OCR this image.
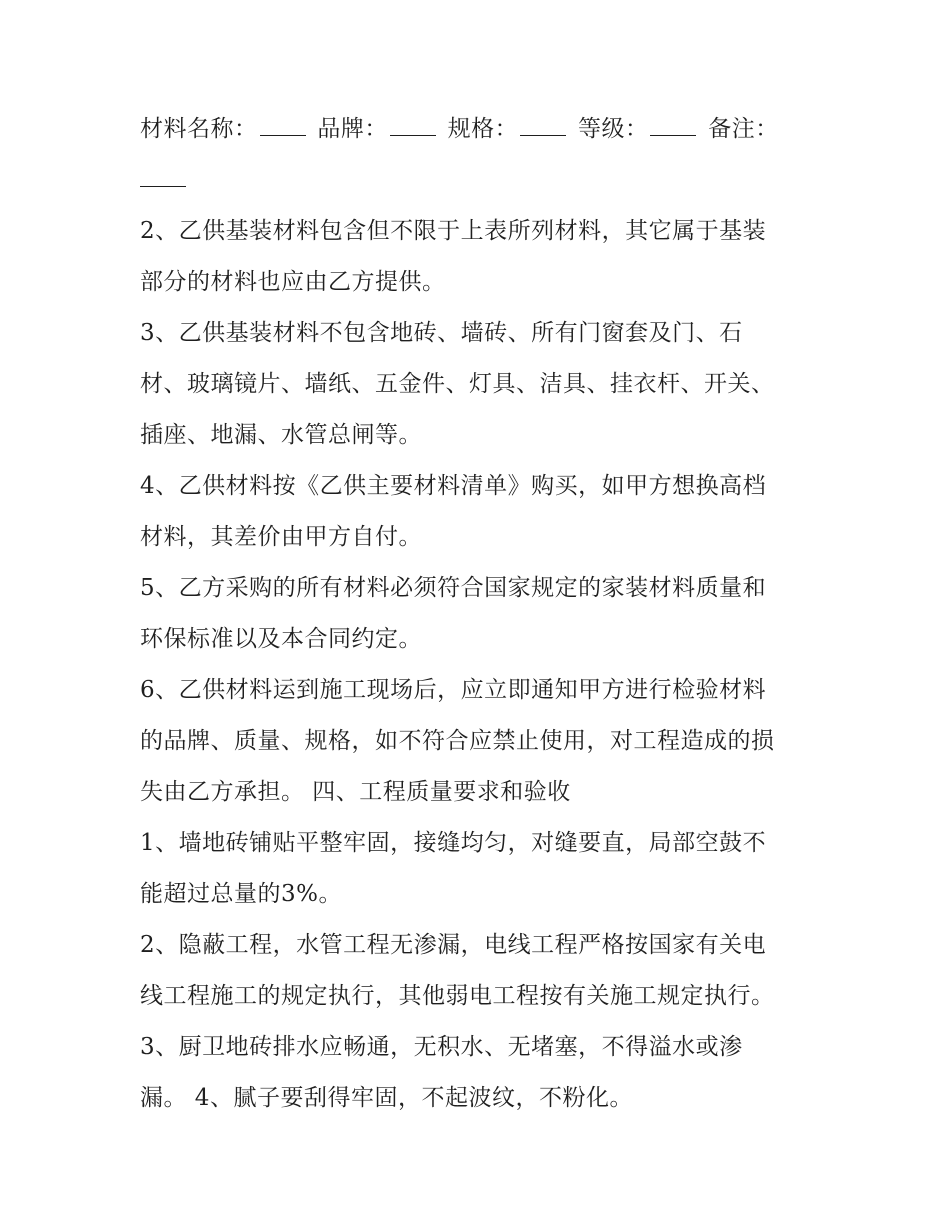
材料名称：	品牌：	规格：	等级：	备注：
2、乙供基装材料包含但不限于上表所列材料，其它属于基装
部分的材料也应由乙方提供。
3、乙供基装材料不包含地砖、墙砖、所有门窗套及门、石
材、玻璃镜片、墙纸、五金件、灯具、洁具、挂衣杆、开关、
插座、地漏、水管总闸等。
4、乙供材料按《乙供主要材料清单》购买，如甲方想换高档
材料，其差价由甲方自付。
5、乙方采购的所有材料必须符合国家规定的家装材料质量和
环保标准以及本合同约定。
6、乙供材料运到施工现场后，应立即通知甲方进行检验材料
的品牌、质量、规格，如不符合应禁止使用，对工程造成的损
失由乙方承担。 四、工程质量要求和验收
1、墙地砖铺贴平整牢固，接缝均匀，对缝要直，局部空鼓不
能超过总量的3%。
2、隐蔽工程，水管工程无渗漏，电线工程严格按国家有关电
线工程施工的规定执行，其他弱电工程按有关施工规定执行。
3、厨卫地砖排水应畅通，无积水、无堵塞，不得溢水或渗
漏。 4、腻子要刮得牢固，不起波纹，不粉化。
